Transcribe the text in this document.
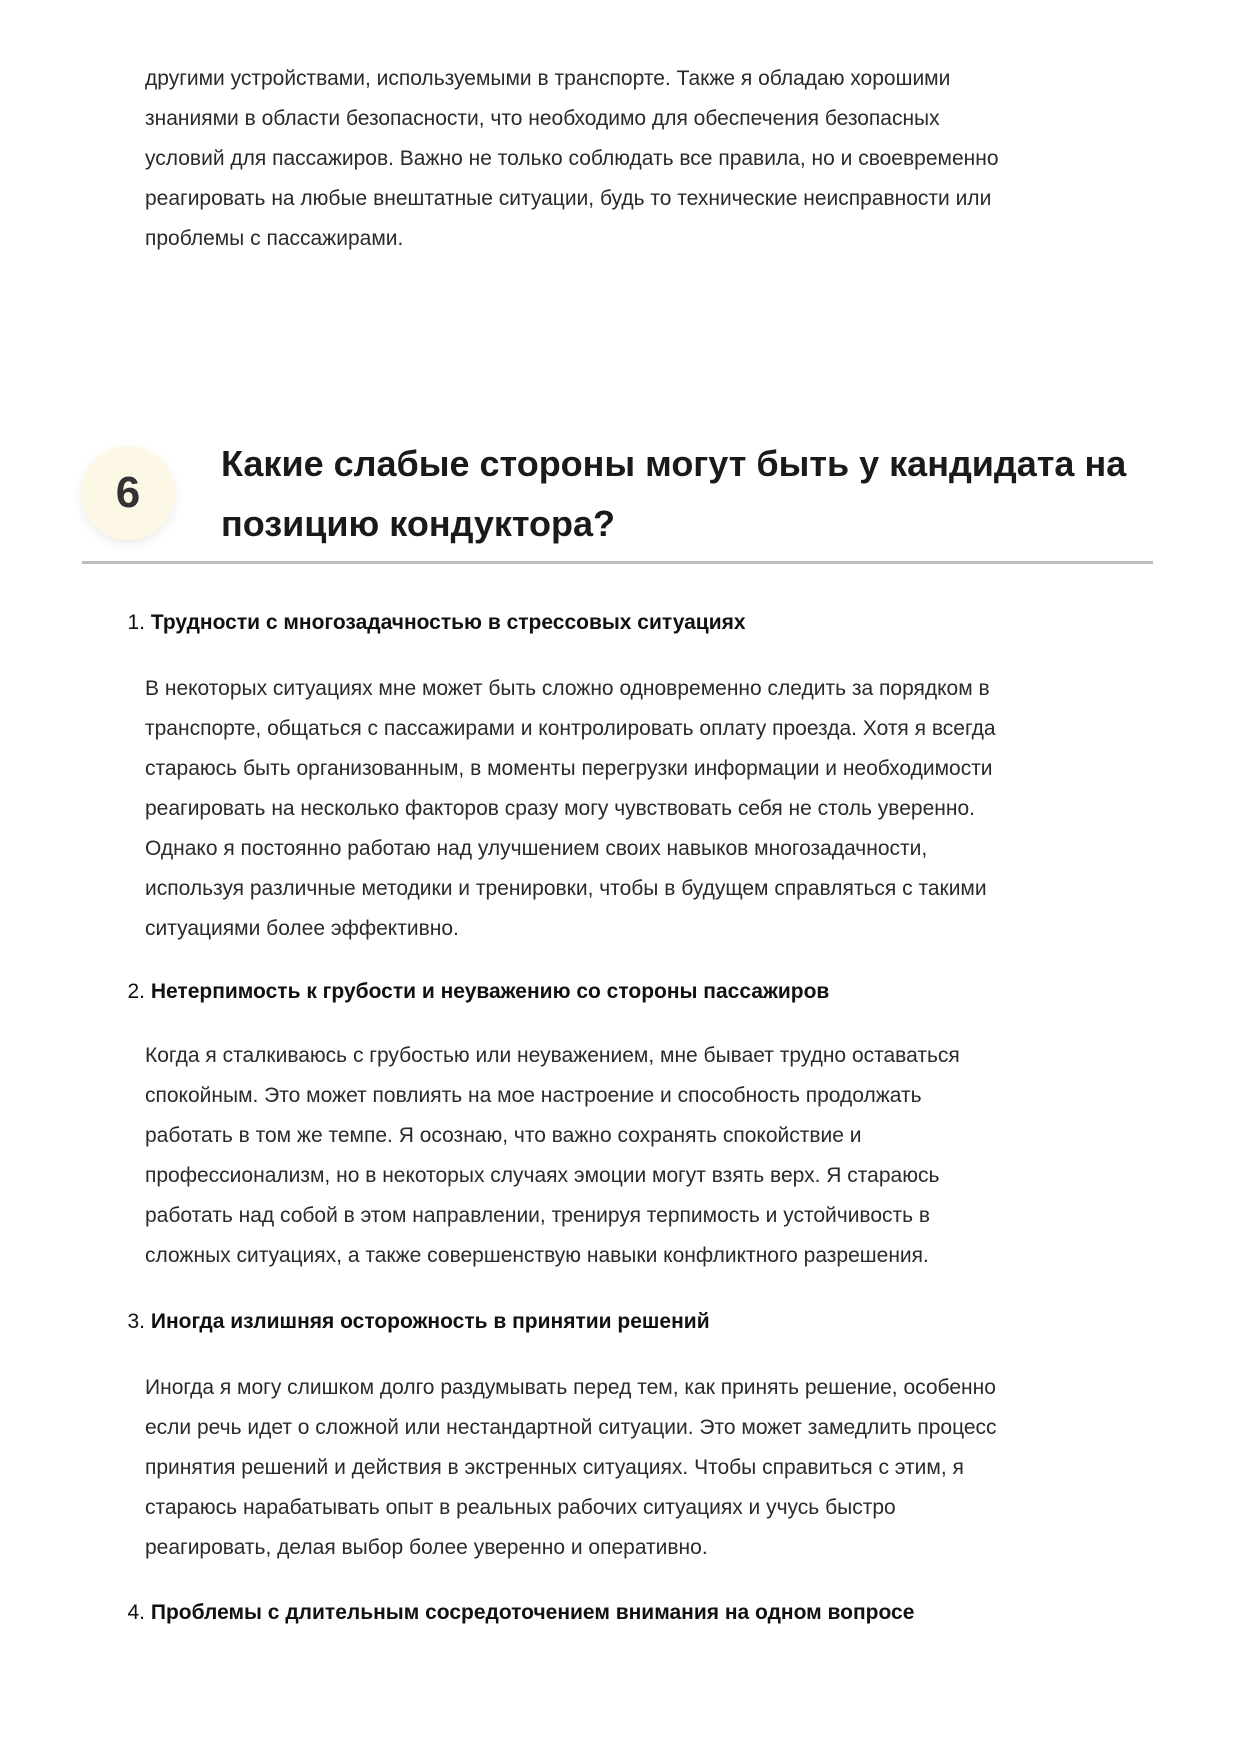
другими устройствами, используемыми в транспорте. Также я обладаю хорошими
знаниями в области безопасности, что необходимо для обеспечения безопасных
условий для пассажиров. Важно не только соблюдать все правила, но и своевременно
реагировать на любые внештатные ситуации, будь то технические неисправности или
проблемы с пассажирами.
6
Какие слабые стороны могут быть у кандидата на
позицию кондуктора?
1. Трудности с многозадачностью в стрессовых ситуациях
В некоторых ситуациях мне может быть сложно одновременно следить за порядком в
транспорте, общаться с пассажирами и контролировать оплату проезда. Хотя я всегда
стараюсь быть организованным, в моменты перегрузки информации и необходимости
реагировать на несколько факторов сразу могу чувствовать себя не столь уверенно.
Однако я постоянно работаю над улучшением своих навыков многозадачности,
используя различные методики и тренировки, чтобы в будущем справляться с такими
ситуациями более эффективно.
2. Нетерпимость к грубости и неуважению со стороны пассажиров
Когда я сталкиваюсь с грубостью или неуважением, мне бывает трудно оставаться
спокойным. Это может повлиять на мое настроение и способность продолжать
работать в том же темпе. Я осознаю, что важно сохранять спокойствие и
профессионализм, но в некоторых случаях эмоции могут взять верх. Я стараюсь
работать над собой в этом направлении, тренируя терпимость и устойчивость в
сложных ситуациях, а также совершенствую навыки конфликтного разрешения.
3. Иногда излишняя осторожность в принятии решений
Иногда я могу слишком долго раздумывать перед тем, как принять решение, особенно
если речь идет о сложной или нестандартной ситуации. Это может замедлить процесс
принятия решений и действия в экстренных ситуациях. Чтобы справиться с этим, я
стараюсь нарабатывать опыт в реальных рабочих ситуациях и учусь быстро
реагировать, делая выбор более уверенно и оперативно.
4. Проблемы с длительным сосредоточением внимания на одном вопросе
